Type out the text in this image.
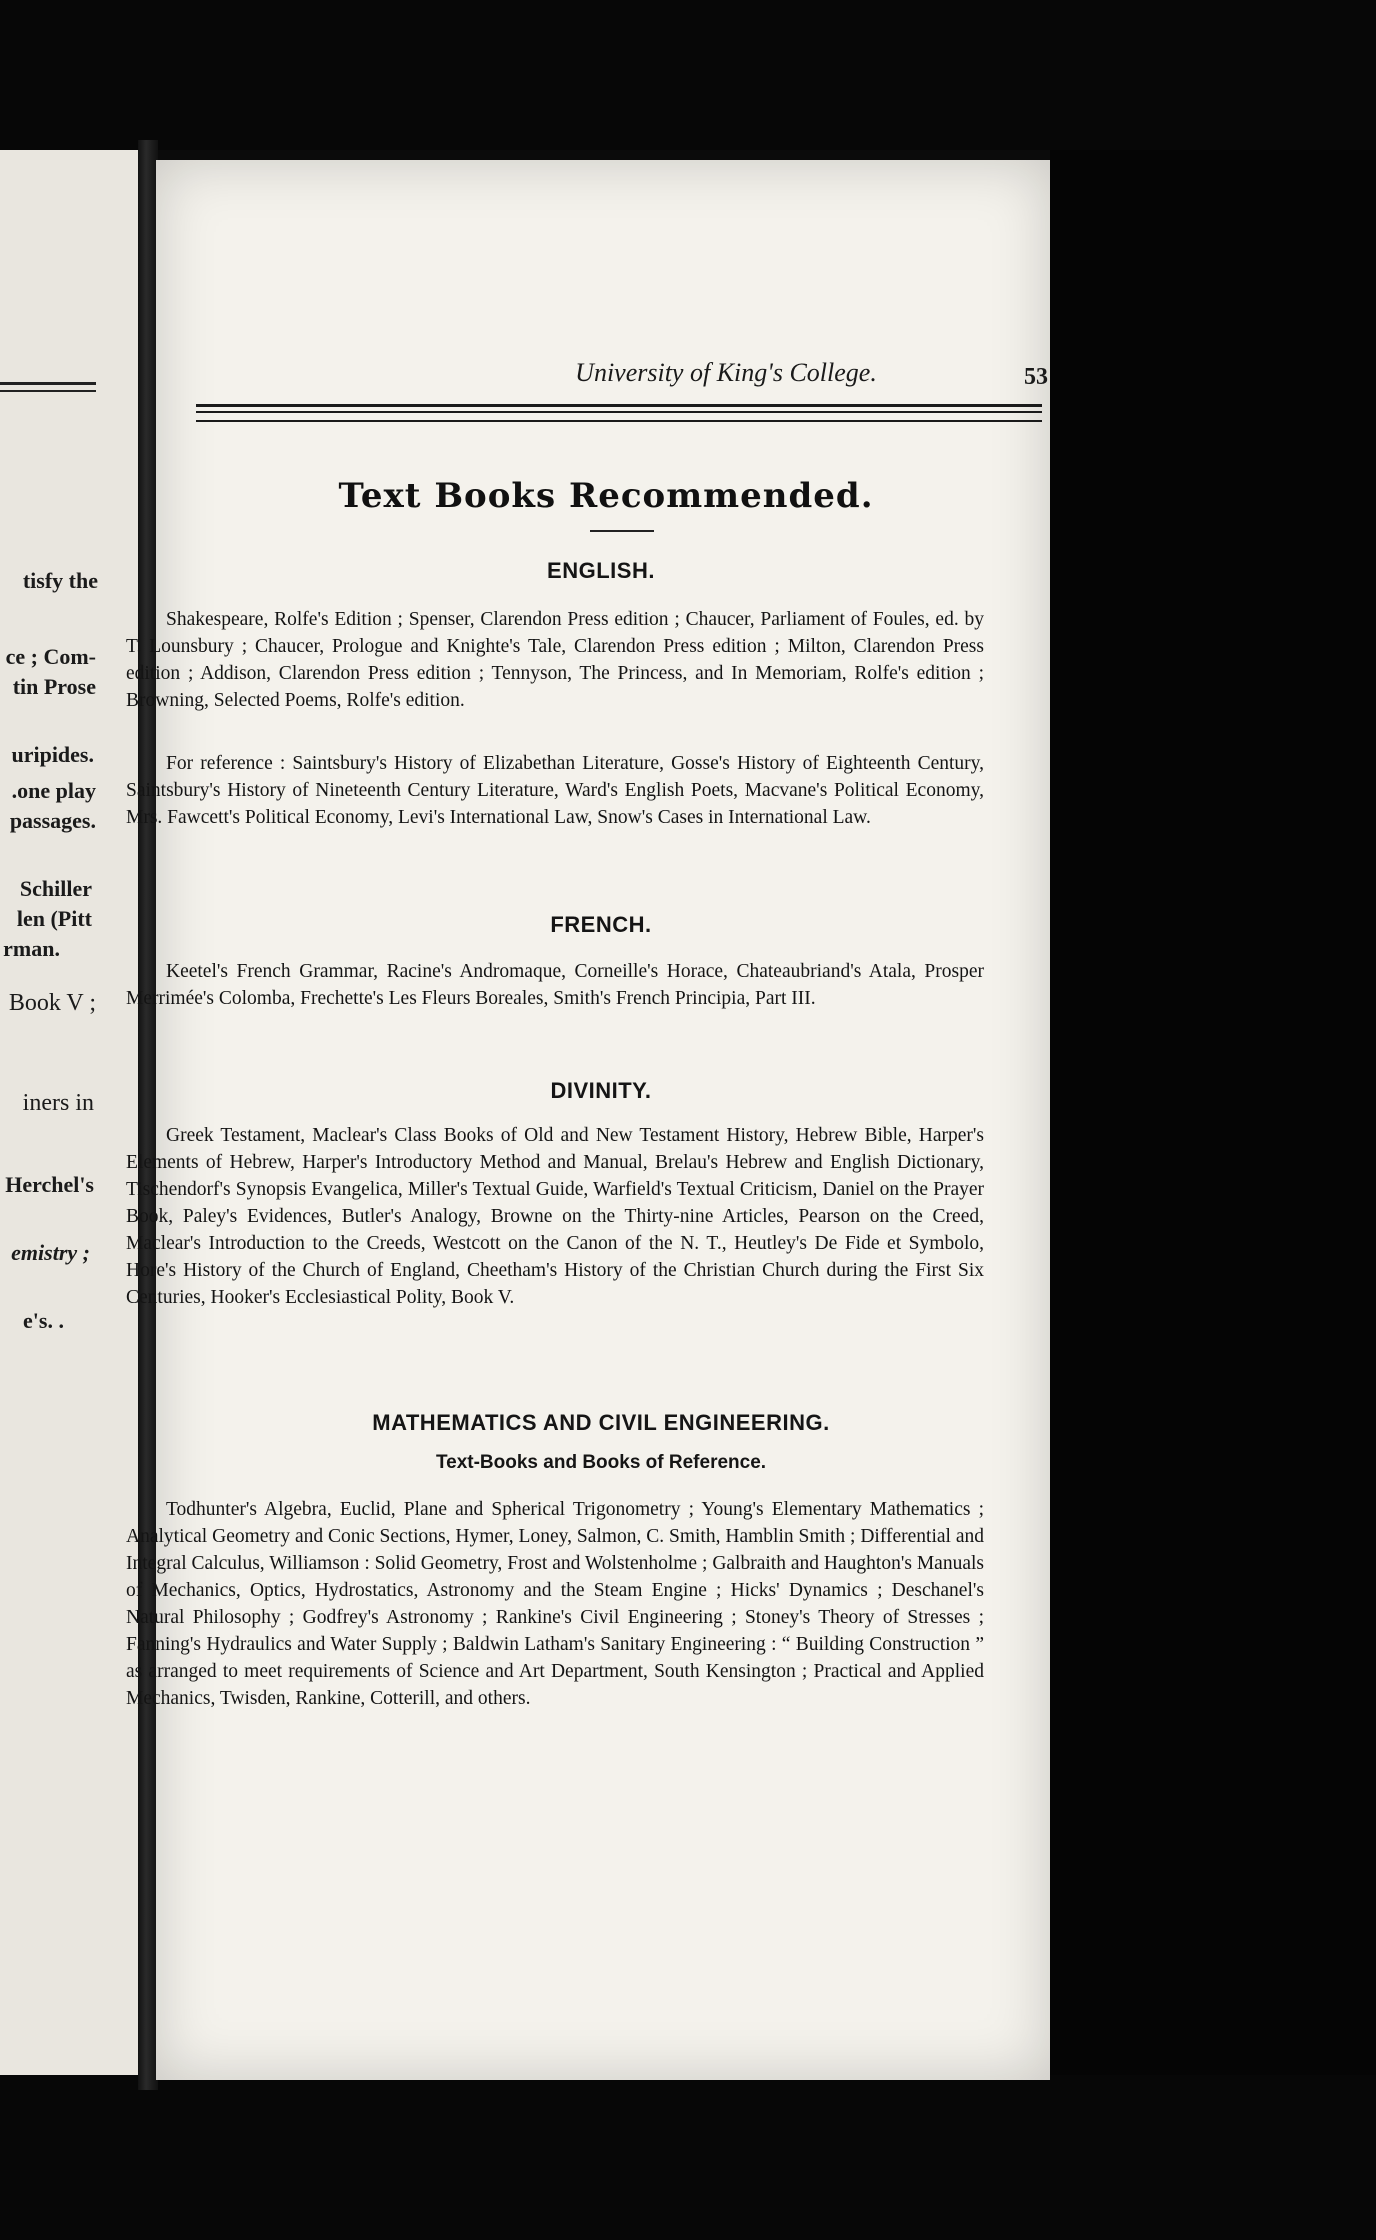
tisfy the
ce ; Com-
tin Prose
uripides.
.one play
passages.
Schiller
len (Pitt
rman.
Book V ;
iners in
Herchel's
emistry ;
e's. .
University of King's College.	53
Text Books Recommended.
ENGLISH.

Shakespeare, Rolfe's Edition ; Spenser, Clarendon Press edition ; Chaucer, Parliament of Foules, ed. by T. Lounsbury ; Chaucer, Prologue and Knighte's Tale, Clarendon Press edition ; Milton, Clarendon Press edition ; Addison, Clarendon Press edition ; Tennyson, The Princess, and In Memoriam, Rolfe's edition ; Browning, Selected Poems, Rolfe's edition.

For reference : Saintsbury's History of Elizabethan Literature, Gosse's History of Eighteenth Century, Saintsbury's History of Nineteenth Century Literature, Ward's English Poets, Macvane's Political Economy, Mrs. Fawcett's Political Economy, Levi's International Law, Snow's Cases in International Law.

FRENCH.

Keetel's French Grammar, Racine's Andromaque, Corneille's Horace, Chateaubriand's Atala, Prosper Merrimée's Colomba, Frechette's Les Fleurs Boreales, Smith's French Principia, Part III.

DIVINITY.

Greek Testament, Maclear's Class Books of Old and New Testament History, Hebrew Bible, Harper's Elements of Hebrew, Harper's Introductory Method and Manual, Brelau's Hebrew and English Dictionary, Tischendorf's Synopsis Evangelica, Miller's Textual Guide, Warfield's Textual Criticism, Daniel on the Prayer Book, Paley's Evidences, Butler's Analogy, Browne on the Thirty-nine Articles, Pearson on the Creed, Maclear's Introduction to the Creeds, Westcott on the Canon of the N. T., Heutley's De Fide et Symbolo, Hore's History of the Church of England, Cheetham's History of the Christian Church during the First Six Centuries, Hooker's Ecclesiastical Polity, Book V.

MATHEMATICS AND CIVIL ENGINEERING.
Text-Books and Books of Reference.

Todhunter's Algebra, Euclid, Plane and Spherical Trigonometry ; Young's Elementary Mathematics ; Analytical Geometry and Conic Sections, Hymer, Loney, Salmon, C. Smith, Hamblin Smith ; Differential and Integral Calculus, Williamson : Solid Geometry, Frost and Wolstenholme ; Galbraith and Haughton's Manuals of Mechanics, Optics, Hydrostatics, Astronomy and the Steam Engine ; Hicks' Dynamics ; Deschanel's Natural Philosophy ; Godfrey's Astronomy ; Rankine's Civil Engineering ; Stoney's Theory of Stresses ; Fanning's Hydraulics and Water Supply ; Baldwin Latham's Sanitary Engineering : “ Building Construction ” as arranged to meet requirements of Science and Art Department, South Kensington ; Practical and Applied Mechanics, Twisden, Rankine, Cotterill, and others.
